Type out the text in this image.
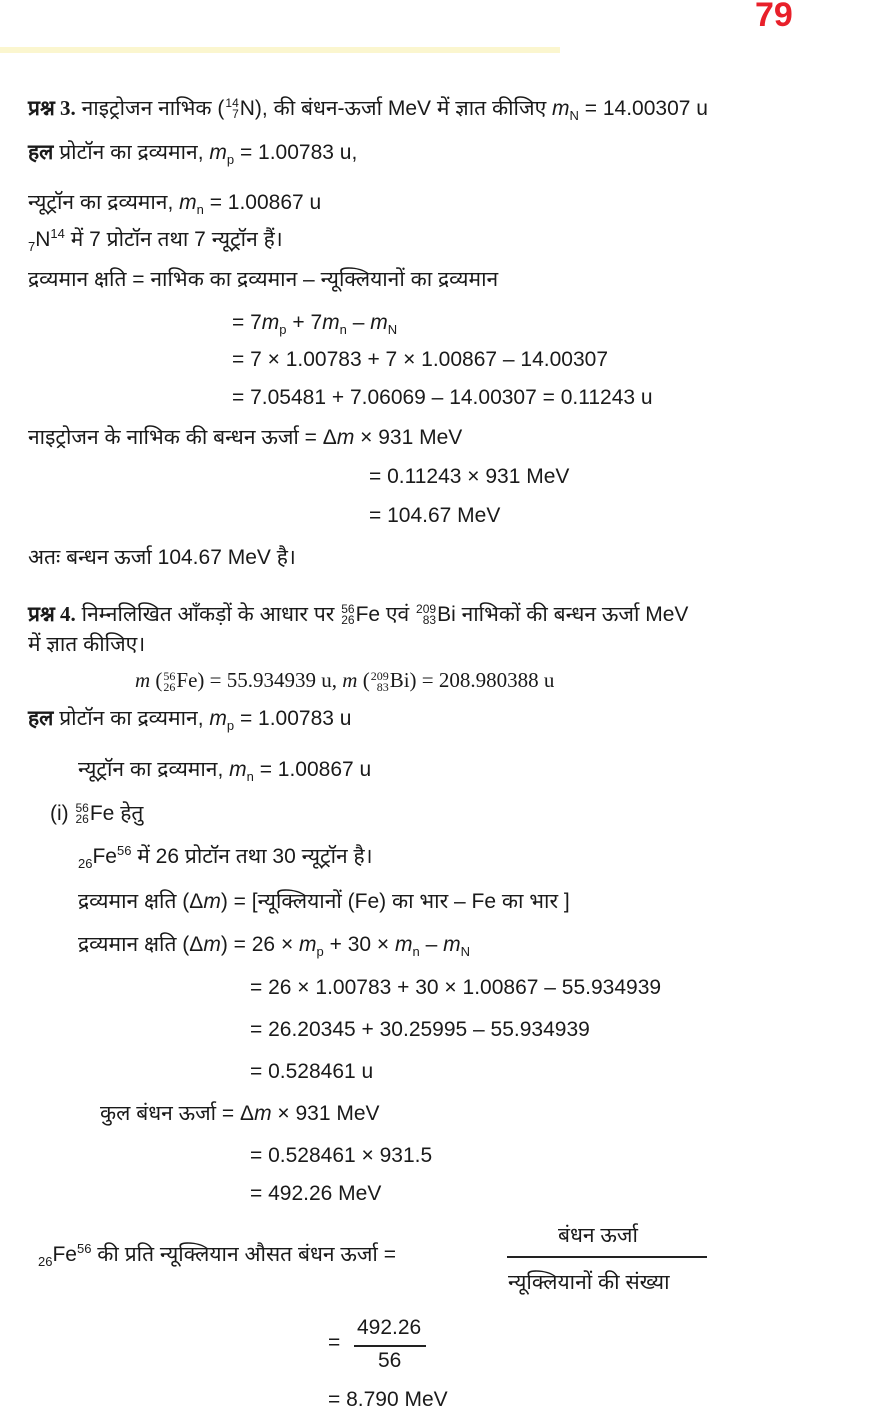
79
प्रश्न 3. नाइट्रोजन नाभिक ( 14
7 N), की बंधन-ऊर्जा MeV में ज्ञात कीजिए $m_N = 14.00307$ u
हल प्रोटॉन का द्रव्यमान, $m_p = 1.00783$ u,
न्यूट्रॉन का द्रव्यमान, $m_n = 1.00867$ u
$_7N^{14}$ में 7 प्रोटॉन तथा 7 न्यूट्रॉन हैं।
द्रव्यमान क्षति = नाभिक का द्रव्यमान – न्यूक्लियानों का द्रव्यमान
= $7m_p + 7m_n - m_N$
= 7 × 1.00783 + 7 × 1.00867 – 14.00307
= 7.05481 + 7.06069 – 14.00307 = 0.11243 u
नाइट्रोजन के नाभिक की बन्धन ऊर्जा = Δm × 931 MeV
= 0.11243 × 931 MeV
= 104.67 MeV
अतः बन्धन ऊर्जा 104.67 MeV है।
प्रश्न 4. निम्नलिखित आँकड़ों के आधार पर 56
26 Fe एवं 209
83 Bi नाभिकों की बन्धन ऊर्जा MeV
में ज्ञात कीजिए।
m ( 56
26 Fe) = 55.934939 u, m ( 209
83 Bi) = 208.980388 u
हल प्रोटॉन का द्रव्यमान, $m_p = 1.00783$ u
न्यूट्रॉन का द्रव्यमान, $m_n = 1.00867$ u
(i) 56
26 Fe हेतु
$_{26}Fe^{56}$ में 26 प्रोटॉन तथा 30 न्यूट्रॉन है।
द्रव्यमान क्षति (Δm) = [न्यूक्लियानों (Fe) का भार – Fe का भार ]
द्रव्यमान क्षति $(\Delta m) = 26 \times m_p + 30 \times m_n - m_N$
= 26 × 1.00783 + 30 × 1.00867 – 55.934939
= 26.20345 + 30.25995 – 55.934939
= 0.528461 u
कुल बंधन ऊर्जा = Δm × 931 MeV
= 0.528461 × 931.5
= 492.26 MeV
$_{26}Fe^{56}$ की प्रति न्यूक्लियान औसत बंधन ऊर्जा =
बंधन ऊर्जा
न्यूक्लियानों की संख्या
=
492.26
56
= 8.790 MeV
